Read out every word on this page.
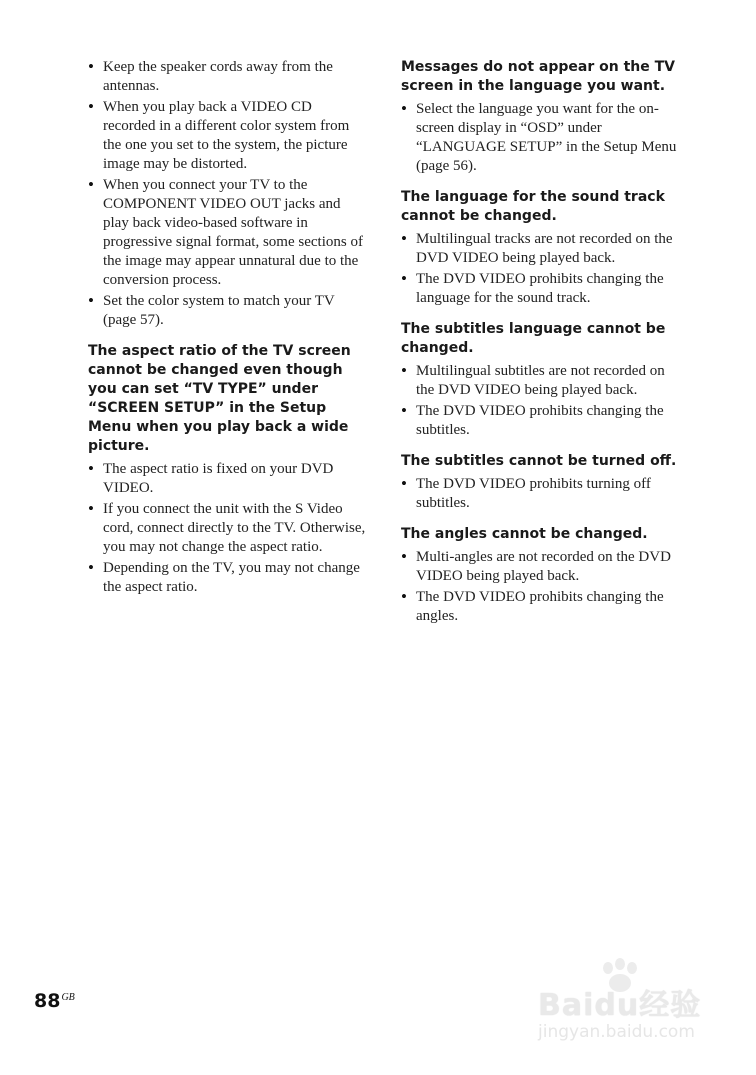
• Keep the speaker cords away from the antennas.
• When you play back a VIDEO CD recorded in a different color system from the one you set to the system, the picture image may be distorted.
• When you connect your TV to the COMPONENT VIDEO OUT jacks and play back video-based software in progressive signal format, some sections of the image may appear unnatural due to the conversion process.
• Set the color system to match your TV (page 57).
The aspect ratio of the TV screen cannot be changed even though you can set “TV TYPE” under “SCREEN SETUP” in the Setup Menu when you play back a wide picture.
• The aspect ratio is fixed on your DVD VIDEO.
• If you connect the unit with the S Video cord, connect directly to the TV. Otherwise, you may not change the aspect ratio.
• Depending on the TV, you may not change the aspect ratio.
Messages do not appear on the TV screen in the language you want.
• Select the language you want for the on-screen display in “OSD” under “LANGUAGE SETUP” in the Setup Menu (page 56).
The language for the sound track cannot be changed.
• Multilingual tracks are not recorded on the DVD VIDEO being played back.
• The DVD VIDEO prohibits changing the language for the sound track.
The subtitles language cannot be changed.
• Multilingual subtitles are not recorded on the DVD VIDEO being played back.
• The DVD VIDEO prohibits changing the subtitles.
The subtitles cannot be turned off.
• The DVD VIDEO prohibits turning off subtitles.
The angles cannot be changed.
• Multi-angles are not recorded on the DVD VIDEO being played back.
• The DVD VIDEO prohibits changing the angles.
$88^{GB}$	Baidu经验
jingyan.baidu.com
